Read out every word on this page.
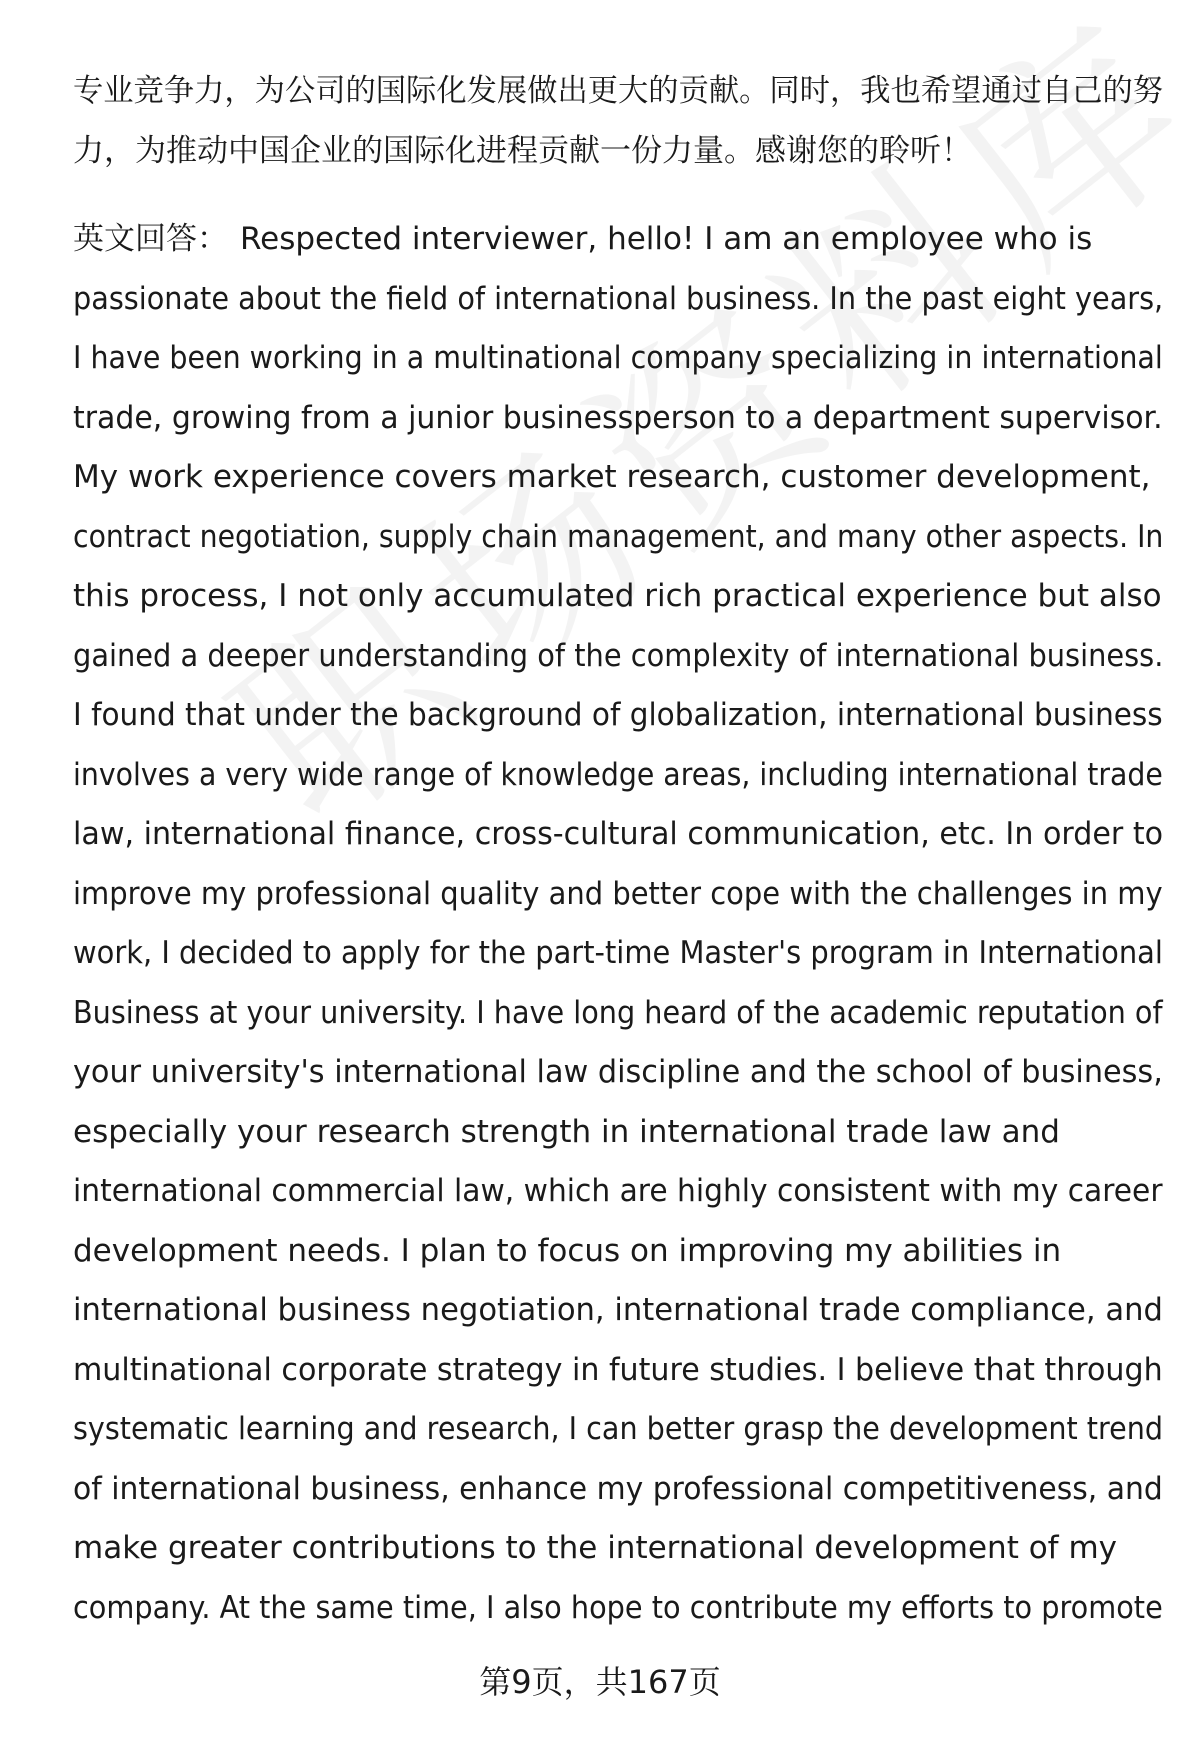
专业竞争力，为公司的国际化发展做出更大的贡献。同时，我也希望通过自己的努
力，为推动中国企业的国际化进程贡献一份力量。感谢您的聆听！
英文回答： Respected interviewer, hello! I am an employee who is
passionate about the field of international business. In the past eight years,
I have been working in a multinational company specializing in international
trade, growing from a junior businessperson to a department supervisor.
My work experience covers market research, customer development,
contract negotiation, supply chain management, and many other aspects. In
this process, I not only accumulated rich practical experience but also
gained a deeper understanding of the complexity of international business.
I found that under the background of globalization, international business
involves a very wide range of knowledge areas, including international trade
law, international finance, cross-cultural communication, etc. In order to
improve my professional quality and better cope with the challenges in my
work, I decided to apply for the part-time Master's program in International
Business at your university. I have long heard of the academic reputation of
your university's international law discipline and the school of business,
especially your research strength in international trade law and
international commercial law, which are highly consistent with my career
development needs. I plan to focus on improving my abilities in
international business negotiation, international trade compliance, and
multinational corporate strategy in future studies. I believe that through
systematic learning and research, I can better grasp the development trend
of international business, enhance my professional competitiveness, and
make greater contributions to the international development of my
company. At the same time, I also hope to contribute my efforts to promote
第9页，共167页
